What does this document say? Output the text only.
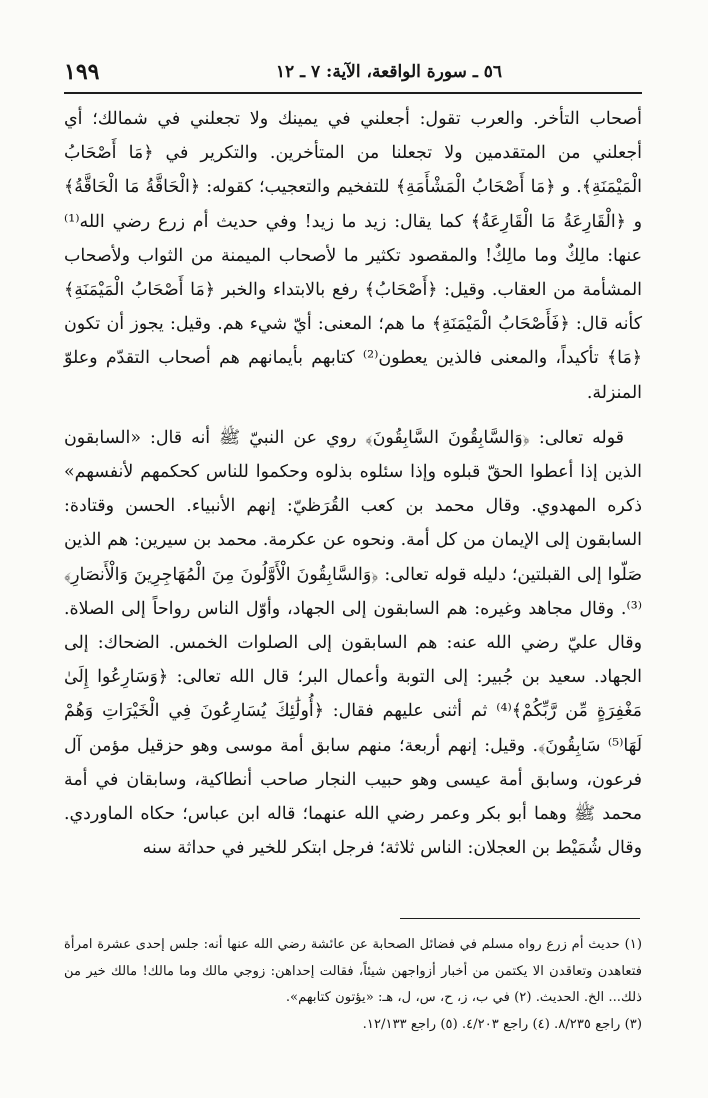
٥٦ ـ سورة الواقعة، الآية: ٧ ـ ١٢
١٩٩

أصحاب التأخر. والعرب تقول: أجعلني في يمينك ولا تجعلني في شمالك؛ أي أجعلني من المتقدمين ولا تجعلنا من المتأخرين. والتكرير في ﴿مَا أَصْحَابُ الْمَيْمَنَةِ﴾. و ﴿مَا أَصْحَابُ الْمَشْأَمَةِ﴾ للتفخيم والتعجيب؛ كقوله: ﴿الْحَاقَّةُ مَا الْحَاقَّةُ﴾ و ﴿الْقَارِعَةُ مَا الْقَارِعَةُ﴾ كما يقال: زيد ما زيد! وفي حديث أم زرع رضي الله⁽¹⁾ عنها: مالِكٌ وما مالِكٌ! والمقصود تكثير ما لأصحاب الميمنة من الثواب ولأصحاب المشأمة من العقاب. وقيل: ﴿أَصْحَابُ﴾ رفع بالابتداء والخبر ﴿مَا أَصْحَابُ الْمَيْمَنَةِ﴾ كأنه قال: ﴿فَأَصْحَابُ الْمَيْمَنَةِ﴾ ما هم؛ المعنى: أيّ شيء هم. وقيل: يجوز أن تكون ﴿مَا﴾ تأكيداً، والمعنى فالذين يعطون⁽²⁾ كتابهم بأيمانهم هم أصحاب التقدّم وعلوّ المنزلة.

قوله تعالى: ﴿وَالسَّابِقُونَ السَّابِقُونَ﴾ روي عن النبيّ ﷺ أنه قال: «السابقون الذين إذا أعطوا الحقّ قبلوه وإذا سئلوه بذلوه وحكموا للناس كحكمهم لأنفسهم» ذكره المهدوي. وقال محمد بن كعب القُرَظيّ: إنهم الأنبياء. الحسن وقتادة: السابقون إلى الإيمان من كل أمة. ونحوه عن عكرمة. محمد بن سيرين: هم الذين صَلّوا إلى القبلتين؛ دليله قوله تعالى: ﴿وَالسَّابِقُونَ الْأَوَّلُونَ مِنَ الْمُهَاجِرِينَ وَالْأَنصَارِ﴾⁽³⁾. وقال مجاهد وغيره: هم السابقون إلى الجهاد، وأوّل الناس رواحاً إلى الصلاة. وقال عليّ رضي الله عنه: هم السابقون إلى الصلوات الخمس. الضحاك: إلى الجهاد. سعيد بن جُبير: إلى التوبة وأعمال البر؛ قال الله تعالى: ﴿وَسَارِعُوا إِلَىٰ مَغْفِرَةٍ مِّن رَّبِّكُمْ﴾⁽⁴⁾ ثم أثنى عليهم فقال: ﴿أُولَٰئِكَ يُسَارِعُونَ فِي الْخَيْرَاتِ وَهُمْ لَهَا⁽⁵⁾ سَابِقُونَ﴾. وقيل: إنهم أربعة؛ منهم سابق أمة موسى وهو حزقيل مؤمن آل فرعون، وسابق أمة عيسى وهو حبيب النجار صاحب أنطاكية، وسابقان في أمة محمد ﷺ وهما أبو بكر وعمر رضي الله عنهما؛ قاله ابن عباس؛ حكاه الماوردي. وقال شُمَيْط بن العجلان: الناس ثلاثة؛ فرجل ابتكر للخير في حداثة سنه

(١) حديث أم زرع رواه مسلم في فضائل الصحابة عن عائشة رضي الله عنها أنه: جلس إحدى عشرة امرأة فتعاهدن وتعاقدن الا يكتمن من أخبار أزواجهن شيئاً، فقالت إحداهن: زوجي مالك وما مالك! مالك خير من ذلك... الخ. الحديث. (٢) في ب، ز، ح، س، ل، هـ: «يؤتون كتابهم».
(٣) راجع ٨/٢٣٥. (٤) راجع ٤/٢٠٣. (٥) راجع ١٢/١٣٣.
